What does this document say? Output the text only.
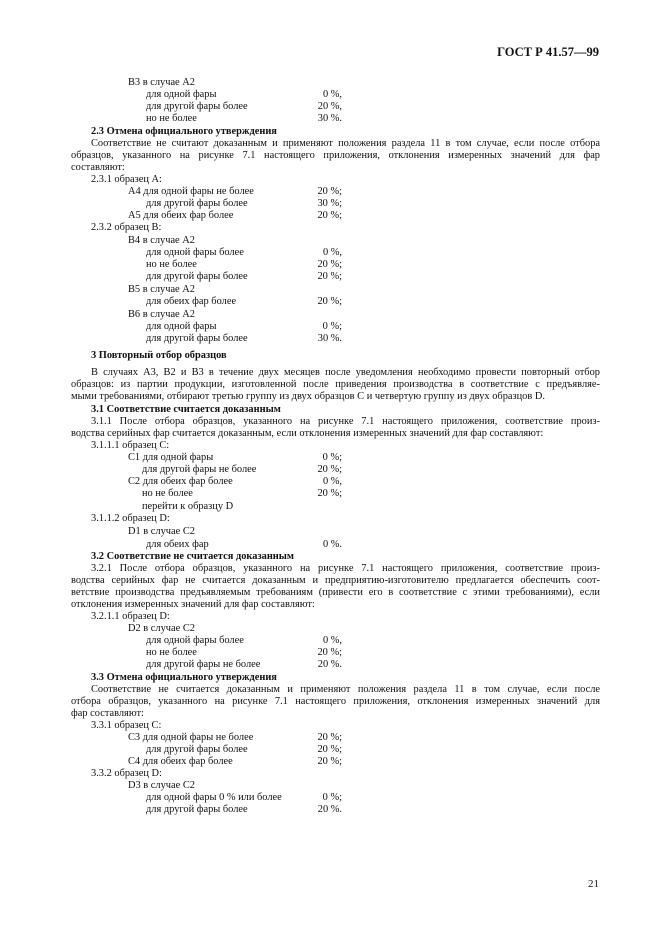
ГОСТ Р 41.57—99
В3 в случае А2
для одной фары	0 %,
для другой фары более	20 %,
но не более	30 %.
2.3 Отмена официального утверждения
Соответствие не считают доказанным и применяют положения раздела 11 в том случае, если после отбора
образцов, указанного на рисунке 7.1 настоящего приложения, отклонения измеренных значений для фар
составляют:
2.3.1 образец А:
А4 для одной фары не более	20 %;
для другой фары более	30 %;
А5 для обеих фар более	20 %;
2.3.2 образец В:
В4 в случае А2
для одной фары более	0 %,
но не более	20 %;
для другой фары более	20 %;
В5 в случае А2
для обеих фар более	20 %;
В6 в случае А2
для одной фары	0 %;
для другой фары более	30 %.
3 Повторный отбор образцов
В случаях А3, В2 и В3 в течение двух месяцев после уведомления необходимо провести повторный отбор
образцов: из партии продукции, изготовленной после приведения производства в соответствие с предъявляе-
мыми требованиями, отбирают третью группу из двух образцов С и четвертую группу из двух образцов D.
3.1 Соответствие считается доказанным
3.1.1 После отбора образцов, указанного на рисунке 7.1 настоящего приложения, соответствие произ-
водства серийных фар считается доказанным, если отклонения измеренных значений для фар составляют:
3.1.1.1 образец С:
С1 для одной фары	0 %;
для другой фары не более	20 %;
С2 для обеих фар более	0 %,
но не более	20 %;
перейти к образцу D
3.1.1.2 образец D:
D1 в случае С2
для обеих фар	0 %.
3.2 Соответствие не считается доказанным
3.2.1 После отбора образцов, указанного на рисунке 7.1 настоящего приложения, соответствие произ-
водства серийных фар не считается доказанным и предприятию-изготовителю предлагается обеспечить соот-
ветствие производства предъявляемым требованиям (привести его в соответствие с этими требованиями), если
отклонения измеренных значений для фар составляют:
3.2.1.1 образец D:
D2 в случае С2
для одной фары более	0 %,
но не более	20 %;
для другой фары не более	20 %.
3.3 Отмена официального утверждения
Соответствие не считается доказанным и применяют положения раздела 11 в том случае, если после
отбора образцов, указанного на рисунке 7.1 настоящего приложения, отклонения измеренных значений для
фар составляют:
3.3.1 образец С:
С3 для одной фары не более	20 %;
для другой фары более	20 %;
С4 для обеих фар более	20 %;
3.3.2 образец D:
D3 в случае С2
для одной фары 0 % или более	0 %;
для другой фары более	20 %.
21
